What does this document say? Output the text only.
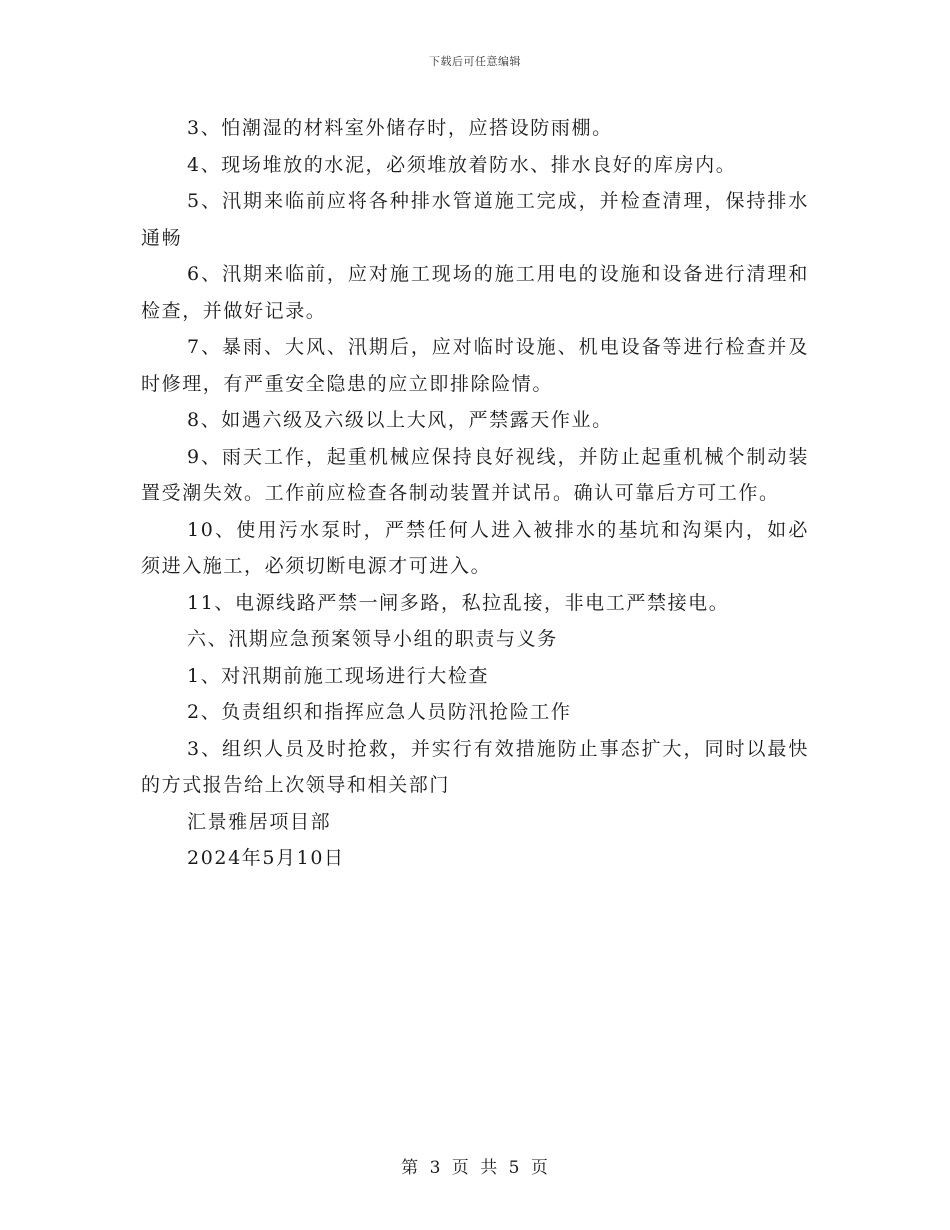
下载后可任意编辑

3、怕潮湿的材料室外储存时，应搭设防雨棚。

4、现场堆放的水泥，必须堆放着防水、排水良好的库房内。

5、汛期来临前应将各种排水管道施工完成，并检查清理，保持排水通畅

6、汛期来临前，应对施工现场的施工用电的设施和设备进行清理和检查，并做好记录。

7、暴雨、大风、汛期后，应对临时设施、机电设备等进行检查并及时修理，有严重安全隐患的应立即排除险情。

8、如遇六级及六级以上大风，严禁露天作业。

9、雨天工作，起重机械应保持良好视线，并防止起重机械个制动装置受潮失效。工作前应检查各制动装置并试吊。确认可靠后方可工作。

10、使用污水泵时，严禁任何人进入被排水的基坑和沟渠内，如必须进入施工，必须切断电源才可进入。

11、电源线路严禁一闸多路，私拉乱接，非电工严禁接电。

六、汛期应急预案领导小组的职责与义务

1、对汛期前施工现场进行大检查

2、负责组织和指挥应急人员防汛抢险工作

3、组织人员及时抢救，并实行有效措施防止事态扩大，同时以最快的方式报告给上次领导和相关部门

汇景雅居项目部

2024年5月10日

第 3 页 共 5 页
